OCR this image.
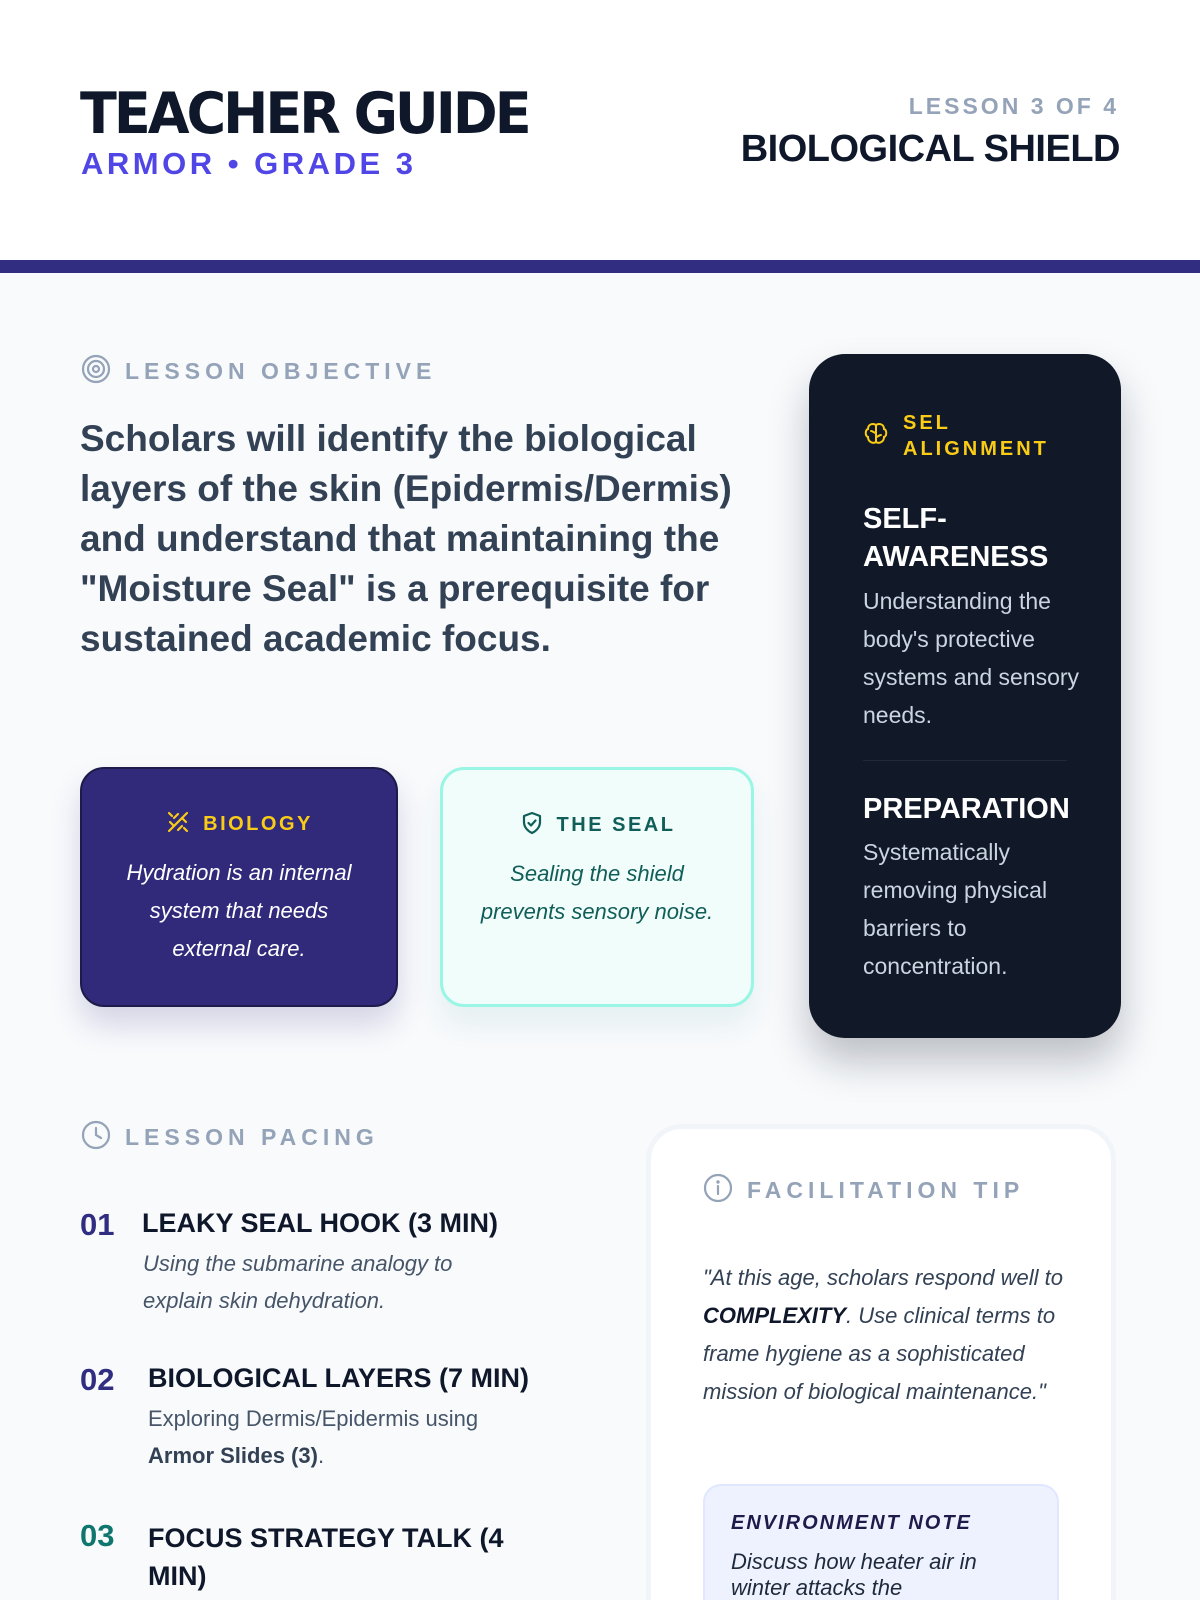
TEACHER GUIDE
ARMOR • GRADE 3
LESSON 3 OF 4
BIOLOGICAL SHIELD
LESSON OBJECTIVE
Scholars will identify the biological layers of the skin (Epidermis/Dermis) and understand that maintaining the "Moisture Seal" is a prerequisite for sustained academic focus.
BIOLOGY
Hydration is an internal system that needs external care.
THE SEAL
Sealing the shield prevents sensory noise.
SEL ALIGNMENT
SELF-AWARENESS
Understanding the body's protective systems and sensory needs.
PREPARATION
Systematically removing physical barriers to concentration.
LESSON PACING
01 LEAKY SEAL HOOK (3 MIN)
Using the submarine analogy to explain skin dehydration.
02 BIOLOGICAL LAYERS (7 MIN)
Exploring Dermis/Epidermis using Armor Slides (3).
03 FOCUS STRATEGY TALK (4 MIN)
FACILITATION TIP
"At this age, scholars respond well to COMPLEXITY. Use clinical terms to frame hygiene as a sophisticated mission of biological maintenance."
ENVIRONMENT NOTE
Discuss how heater air in winter attacks the
